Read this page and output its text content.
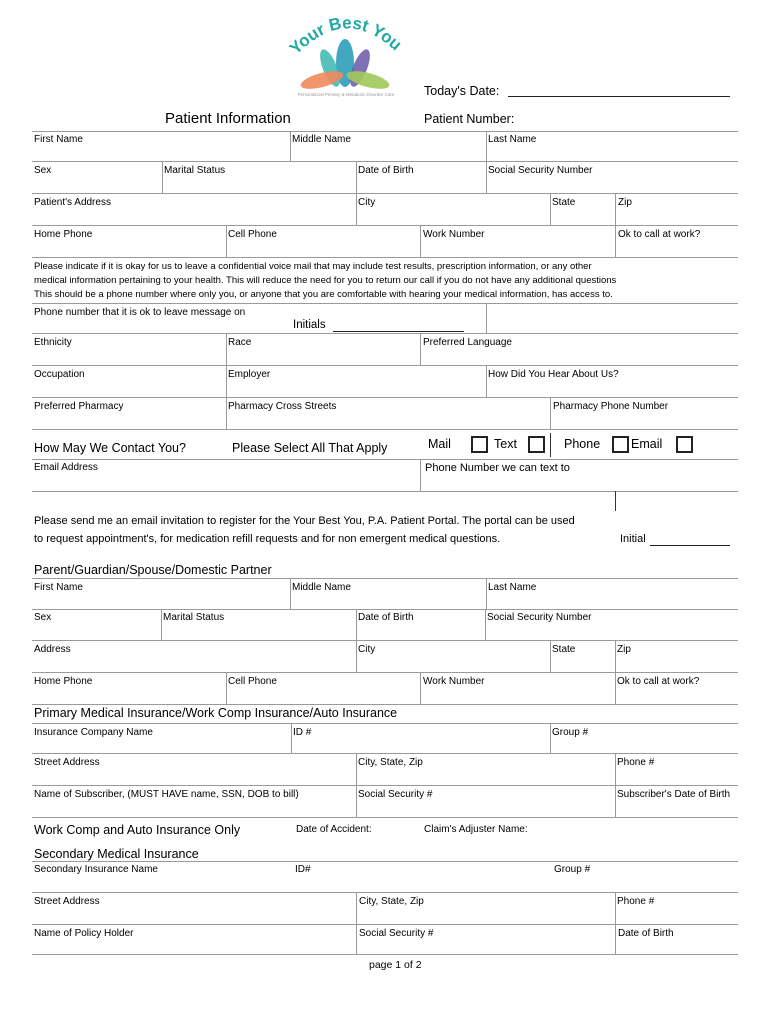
Your Best You
Personalized Primary & Metabolic Disorder Care	Today's Date:
Patient Information	Patient Number:
First Name	Middle Name	Last Name
Sex	Marital Status	Date of Birth	Social Security Number
Patient's Address	City	State	Zip
Home Phone	Cell Phone	Work Number	Ok to call at work?
Please indicate if it is okay for us to leave a confidential voice mail that may include test results, prescription information, or any other
medical information pertaining to your health. This will reduce the need for you to return our call if you do not have any additional questions
This should be a phone number where only you, or anyone that you are comfortable with hearing your medical information, has access to.
Phone number that it is ok to leave message on
Initials
Ethnicity	Race	Preferred Language
Occupation	Employer	How Did You Hear About Us?
Preferred Pharmacy	Pharmacy Cross Streets	Pharmacy Phone Number
How May We Contact You?	Please Select All That Apply	Mail	Text	Phone Email
Email Address	Phone Number we can text to
Please send me an email invitation to register for the Your Best You, P.A. Patient Portal. The portal can be used
to request appointment's, for medication refill requests and for non emergent medical questions.	Initial
Parent/Guardian/Spouse/Domestic Partner
First Name	Middle Name	Last Name
Sex	Marital Status	Date of Birth	Social Security Number
Address	City	State	Zip
Home Phone	Cell Phone	Work Number	Ok to call at work?
Primary Medical Insurance/Work Comp Insurance/Auto Insurance
Insurance Company Name	ID #	Group #
Street Address	City, State, Zip	Phone #
Name of Subscriber, (MUST HAVE name, SSN, DOB to bill)	Social Security #	Subscriber's Date of Birth
Work Comp and Auto Insurance Only	Date of Accident:	Claim's Adjuster Name:
Secondary Medical Insurance
Secondary Insurance Name	ID#	Group #
Street Address	City, State, Zip	Phone #
Name of Policy Holder	Social Security #	Date of Birth
page 1 of 2
